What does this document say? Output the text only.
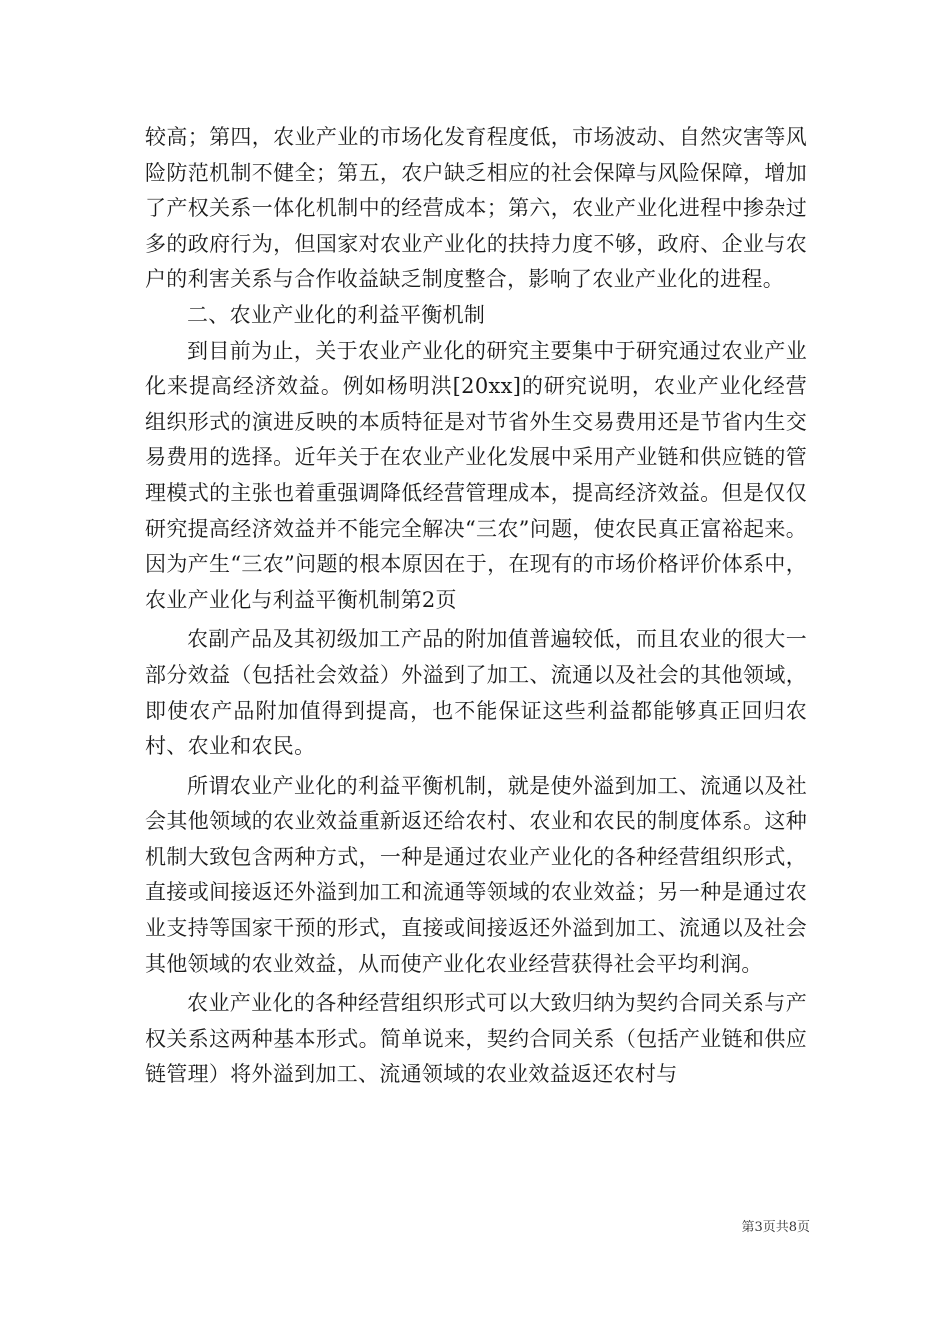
较高；第四，农业产业的市场化发育程度低，市场波动、自然灾害等风险防范机制不健全；第五，农户缺乏相应的社会保障与风险保障，增加了产权关系一体化机制中的经营成本；第六，农业产业化进程中掺杂过多的政府行为，但国家对农业产业化的扶持力度不够，政府、企业与农户的利害关系与合作收益缺乏制度整合，影响了农业产业化的进程。

二、农业产业化的利益平衡机制

到目前为止，关于农业产业化的研究主要集中于研究通过农业产业化来提高经济效益。例如杨明洪[20xx]的研究说明，农业产业化经营组织形式的演进反映的本质特征是对节省外生交易费用还是节省内生交易费用的选择。近年关于在农业产业化发展中采用产业链和供应链的管理模式的主张也着重强调降低经营管理成本，提高经济效益。但是仅仅研究提高经济效益并不能完全解决“三农”问题，使农民真正富裕起来。因为产生“三农”问题的根本原因在于，在现有的市场价格评价体系中，农业产业化与利益平衡机制第2页

农副产品及其初级加工产品的附加值普遍较低，而且农业的很大一部分效益（包括社会效益）外溢到了加工、流通以及社会的其他领域，即使农产品附加值得到提高，也不能保证这些利益都能够真正回归农村、农业和农民。

所谓农业产业化的利益平衡机制，就是使外溢到加工、流通以及社会其他领域的农业效益重新返还给农村、农业和农民的制度体系。这种机制大致包含两种方式，一种是通过农业产业化的各种经营组织形式，直接或间接返还外溢到加工和流通等领域的农业效益；另一种是通过农业支持等国家干预的形式，直接或间接返还外溢到加工、流通以及社会其他领域的农业效益，从而使产业化农业经营获得社会平均利润。

农业产业化的各种经营组织形式可以大致归纳为契约合同关系与产权关系这两种基本形式。简单说来，契约合同关系（包括产业链和供应链管理）将外溢到加工、流通领域的农业效益返还农村与

第3页共8页
